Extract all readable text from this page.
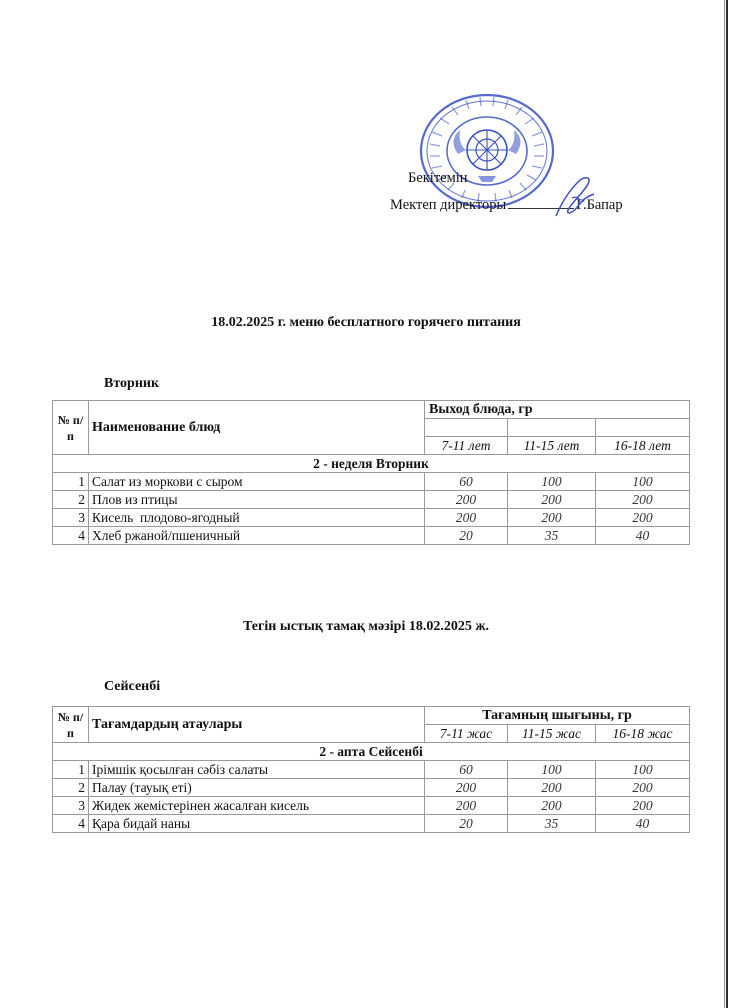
Бекітемін
Мектеп директоры	Г.Бапар
18.02.2025 г. меню бесплатного горячего питания
Вторник
№ п/п	Наименование блюд	Выход блюда, гр		

		7-11 лет	11-15 лет	16-18 лет
2 - неделя Вторник				
1	Салат из моркови с сыром	60	100	100
2	Плов из птицы	200	200	200
3	Кисель  плодово-ягодный	200	200	200
4	Хлеб ржаной/пшеничный	20	35	40
Тегін ыстық тамақ мәзірі 18.02.2025 ж.
Сейсенбі
№ п/п	Тағамдардың атаулары	Тағамның шығыны, гр		
		7-11 жас	11-15 жас	16-18 жас
2 - апта Сейсенбі				
1	Ірімшік қосылған сәбіз салаты	60	100	100
2	Палау (тауық еті)	200	200	200
3	Жидек жемістерінен жасалған кисель	200	200	200
4	Қара бидай наны	20	35	40
